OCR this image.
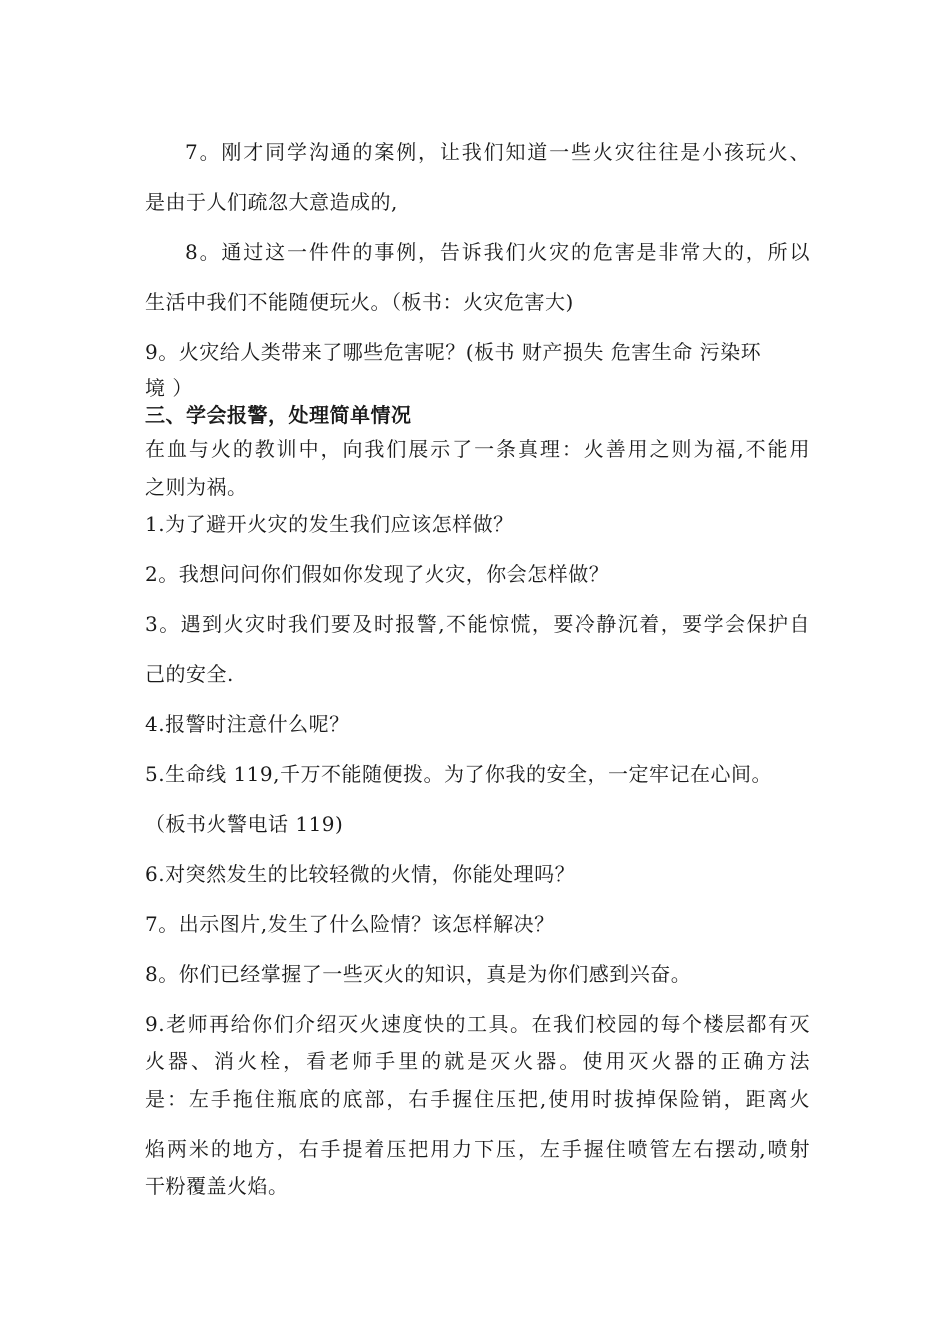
7。刚才同学沟通的案例，让我们知道一些火灾往往是小孩玩火、
是由于人们疏忽大意造成的,
8。通过这一件件的事例，告诉我们火灾的危害是非常大的，所以
生活中我们不能随便玩火。（板书：火灾危害大)
9。火灾给人类带来了哪些危害呢？(板书 财产损失 危害生命 污染环
境 ）
三、学会报警，处理简单情况
在血与火的教训中，向我们展示了一条真理：火善用之则为福,不能用
之则为祸。
1.为了避开火灾的发生我们应该怎样做？
2。我想问问你们假如你发现了火灾，你会怎样做？
3。遇到火灾时我们要及时报警,不能惊慌，要冷静沉着，要学会保护自
己的安全.
4.报警时注意什么呢？
5.生命线 119,千万不能随便拨。为了你我的安全，一定牢记在心间。
（板书火警电话 119)
6.对突然发生的比较轻微的火情，你能处理吗？
7。出示图片,发生了什么险情？该怎样解决？
8。你们已经掌握了一些灭火的知识，真是为你们感到兴奋。
9.老师再给你们介绍灭火速度快的工具。在我们校园的每个楼层都有灭
火器、消火栓，看老师手里的就是灭火器。使用灭火器的正确方法
是：左手拖住瓶底的底部，右手握住压把,使用时拔掉保险销，距离火
焰两米的地方，右手提着压把用力下压，左手握住喷管左右摆动,喷射
干粉覆盖火焰。
